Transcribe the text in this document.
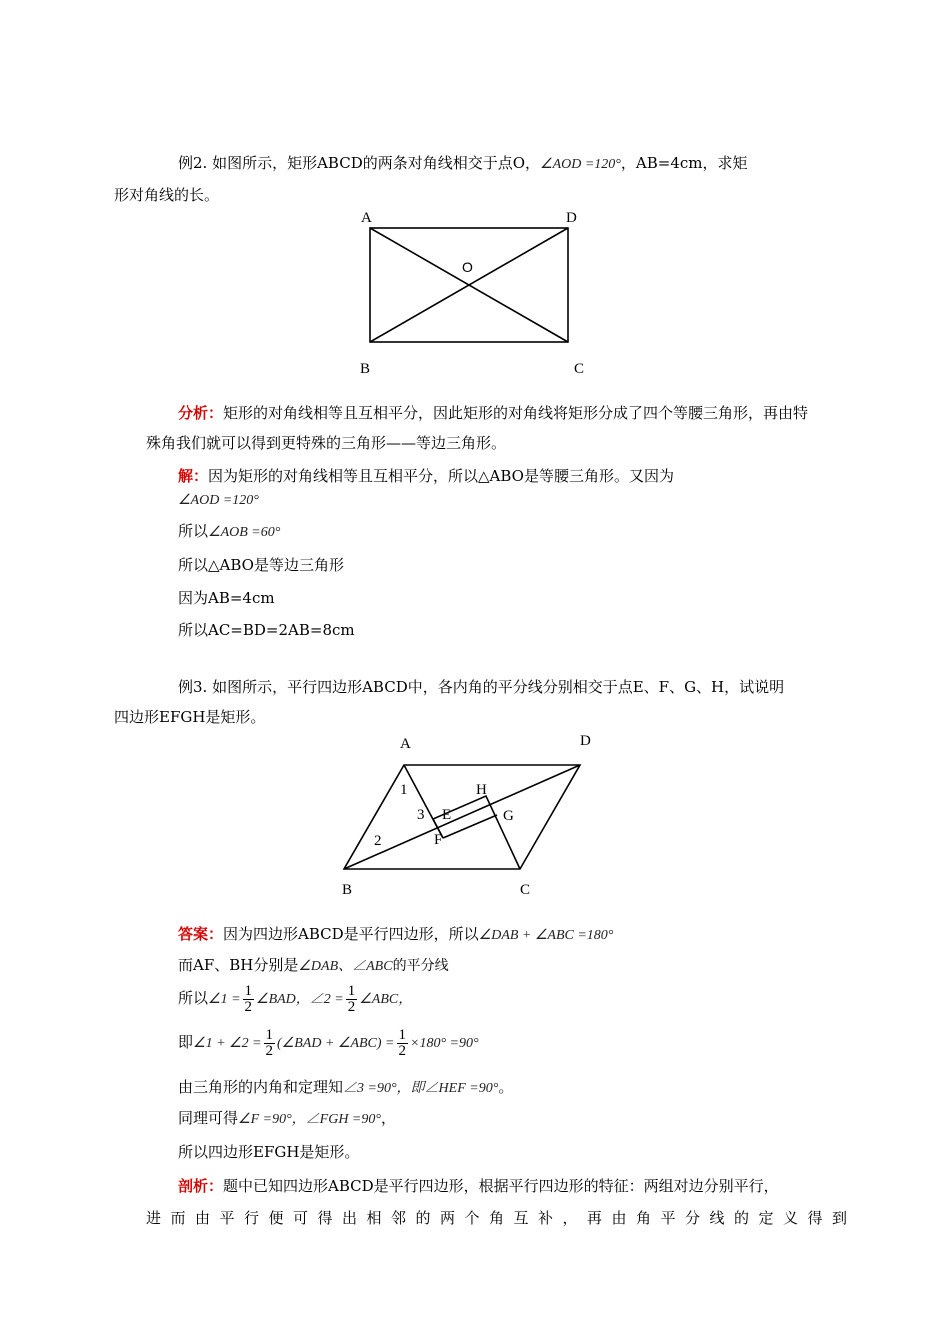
例2. 如图所示，矩形ABCD的两条对角线相交于点O，∠AOD =120°，AB=4cm，求矩
形对角线的长。
A	D
O
B	C
分析：矩形的对角线相等且互相平分，因此矩形的对角线将矩形分成了四个等腰三角形，再由特殊角我们就可以得到更特殊的三角形——等边三角形。
解：因为矩形的对角线相等且互相平分，所以△ABO是等腰三角形。又因为
∠AOD =120°
所以∠AOB =60°
所以△ABO是等边三角形
因为AB=4cm
所以AC=BD=2AB=8cm
例3. 如图所示，平行四边形ABCD中，各内角的平分线分别相交于点E、F、G、H，试说明
四边形EFGH是矩形。
A	D
B	C
1
2
3 E
F
G
H
答案：因为四边形ABCD是平行四边形，所以∠DAB + ∠ABC =180°
而AF、BH分别是∠DAB、∠ABC的平分线
所以∠1 = $\frac{1}{2}$ ∠BAD，∠2 = $\frac{1}{2}$ ∠ABC，
即∠1 + ∠2 = $\frac{1}{2}$ (∠BAD + ∠ABC) = $\frac{1}{2} \times 180^\circ =90^\circ$
由三角形的内角和定理知∠3 =90°，即∠HEF =90°。
同理可得∠F =90°，∠FGH =90°，
所以四边形EFGH是矩形。
剖析：题中已知四边形ABCD是平行四边形，根据平行四边形的特征：两组对边分别平行，
进而由平行便可得出相邻的两个角互补，再由角平分线的定义得到
